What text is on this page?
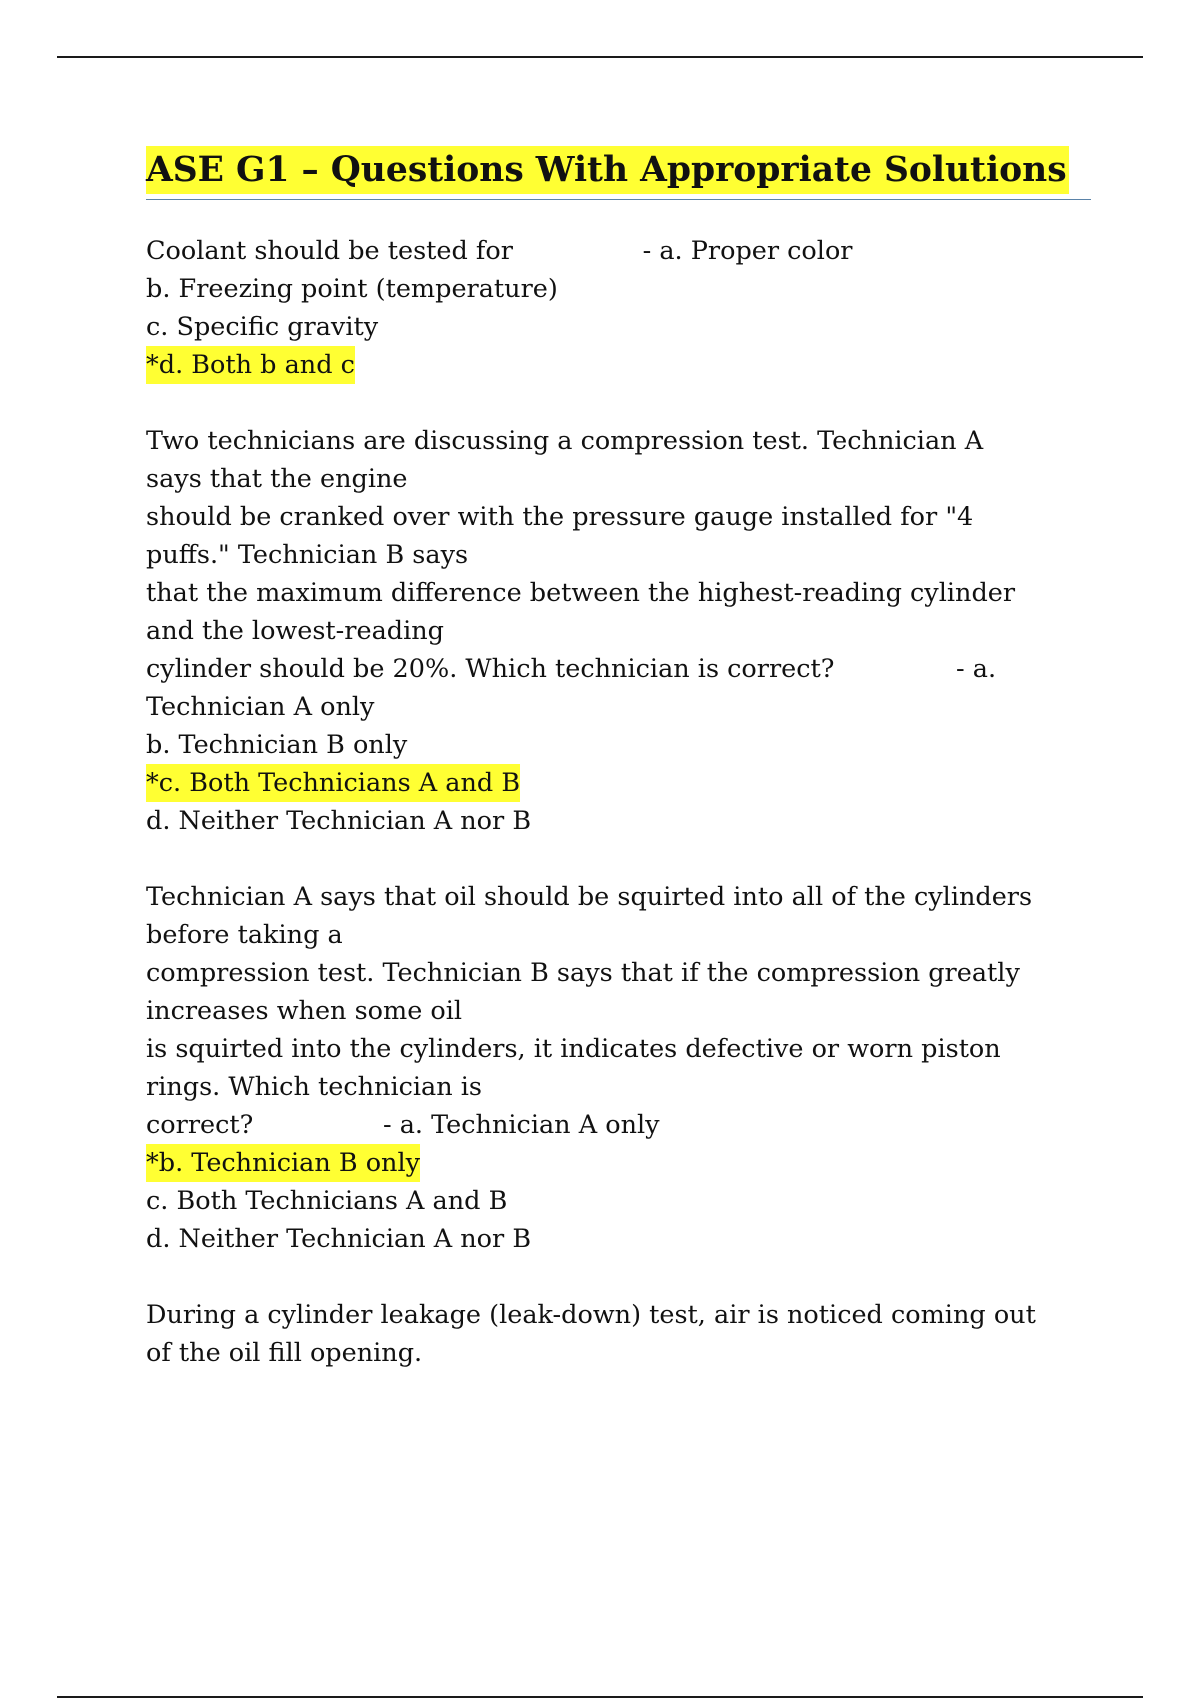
ASE G1 – Questions With Appropriate Solutions
Coolant should be tested for                - a. Proper color
b. Freezing point (temperature)
c. Specific gravity
*d. Both b and c
Two technicians are discussing a compression test. Technician A
says that the engine
should be cranked over with the pressure gauge installed for "4
puffs." Technician B says
that the maximum difference between the highest-reading cylinder
and the lowest-reading
cylinder should be 20%. Which technician is correct?               - a.
Technician A only
b. Technician B only
*c. Both Technicians A and B
d. Neither Technician A nor B
Technician A says that oil should be squirted into all of the cylinders
before taking a
compression test. Technician B says that if the compression greatly
increases when some oil
is squirted into the cylinders, it indicates defective or worn piston
rings. Which technician is
correct?                - a. Technician A only
*b. Technician B only
c. Both Technicians A and B
d. Neither Technician A nor B
During a cylinder leakage (leak-down) test, air is noticed coming out
of the oil fill opening.
